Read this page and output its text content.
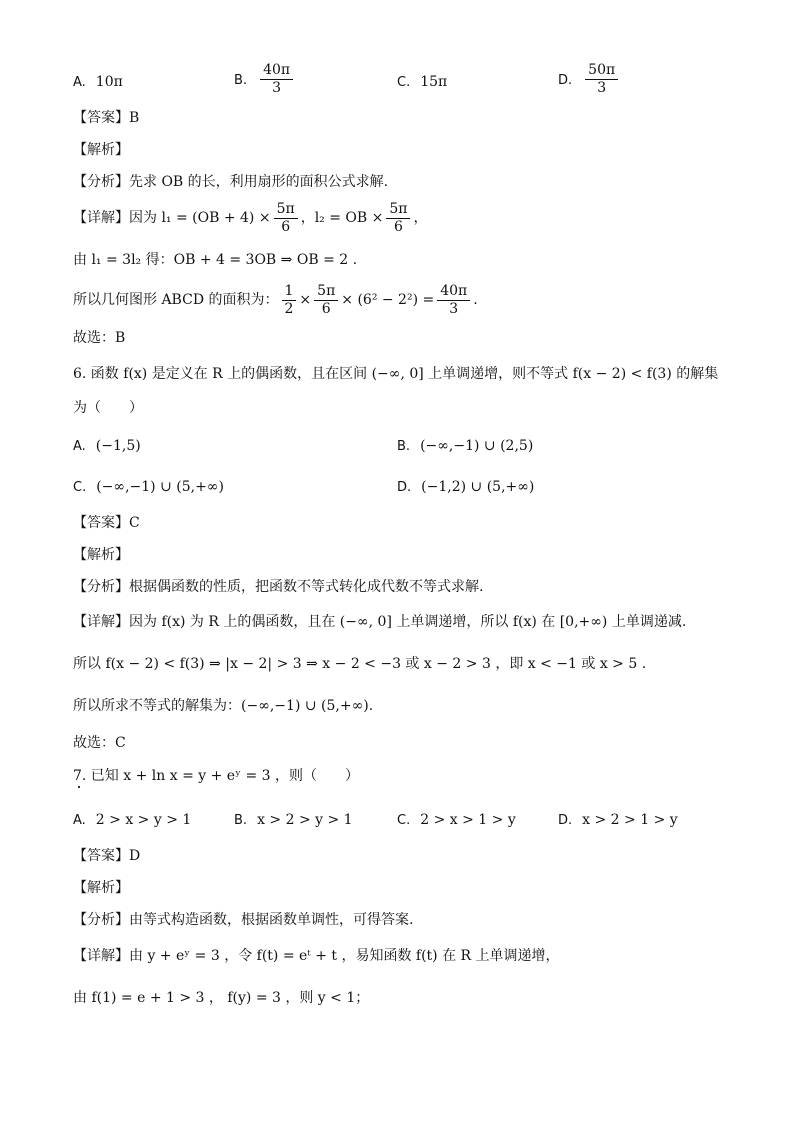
A. 10π	B. $\frac{40\pi}{3}$	C. 15π	D. $\frac{50\pi}{3}$
【答案】B
【解析】
【分析】先求 OB 的长，利用扇形的面积公式求解.
【详解】因为 $l_1 = (OB + 4) \times \frac{5\pi}{6}$ ，l₂ = OB × $\frac{5\pi}{6}$ ，
由 l₁ = 3l₂ 得：OB + 4 = 3OB ⇒ OB = 2 .
所以几何图形 ABCD 的面积为： $\frac{1}{2} \times \frac{5\pi}{6} \times (6^2 - 2^2) = \frac{40\pi}{3}$ .
故选：B
6. 函数 f(x) 是定义在 R 上的偶函数，且在区间 (−∞, 0] 上单调递增，则不等式 f(x − 2) < f(3) 的解集
为（　　）
A. (−1,5)	B. (−∞,−1) ∪ (2,5)
C. (−∞,−1) ∪ (5,+∞)	D. (−1,2) ∪ (5,+∞)
【答案】C
【解析】
【分析】根据偶函数的性质，把函数不等式转化成代数不等式求解.
【详解】因为 f(x) 为 R 上的偶函数，且在 (−∞, 0] 上单调递增，所以 f(x) 在 [0,+∞) 上单调递减.
所以 f(x − 2) < f(3) ⇒ |x − 2| > 3 ⇒ x − 2 < −3 或 x − 2 > 3 ，即 x < −1 或 x > 5 .
所以所求不等式的解集为：(−∞,−1) ∪ (5,+∞).
故选：C
7. 已知 x + ln x = y + eʸ = 3 ，则（　　）
A. 2 > x > y > 1	B. x > 2 > y > 1	C. 2 > x > 1 > y	D. x > 2 > 1 > y
【答案】D
【解析】
【分析】由等式构造函数，根据函数单调性，可得答案.
【详解】由 y + eʸ = 3 ，令 f(t) = eᵗ + t ，易知函数 f(t) 在 R 上单调递增，
由 f(1) = e + 1 > 3 ， f(y) = 3 ，则 y < 1；
